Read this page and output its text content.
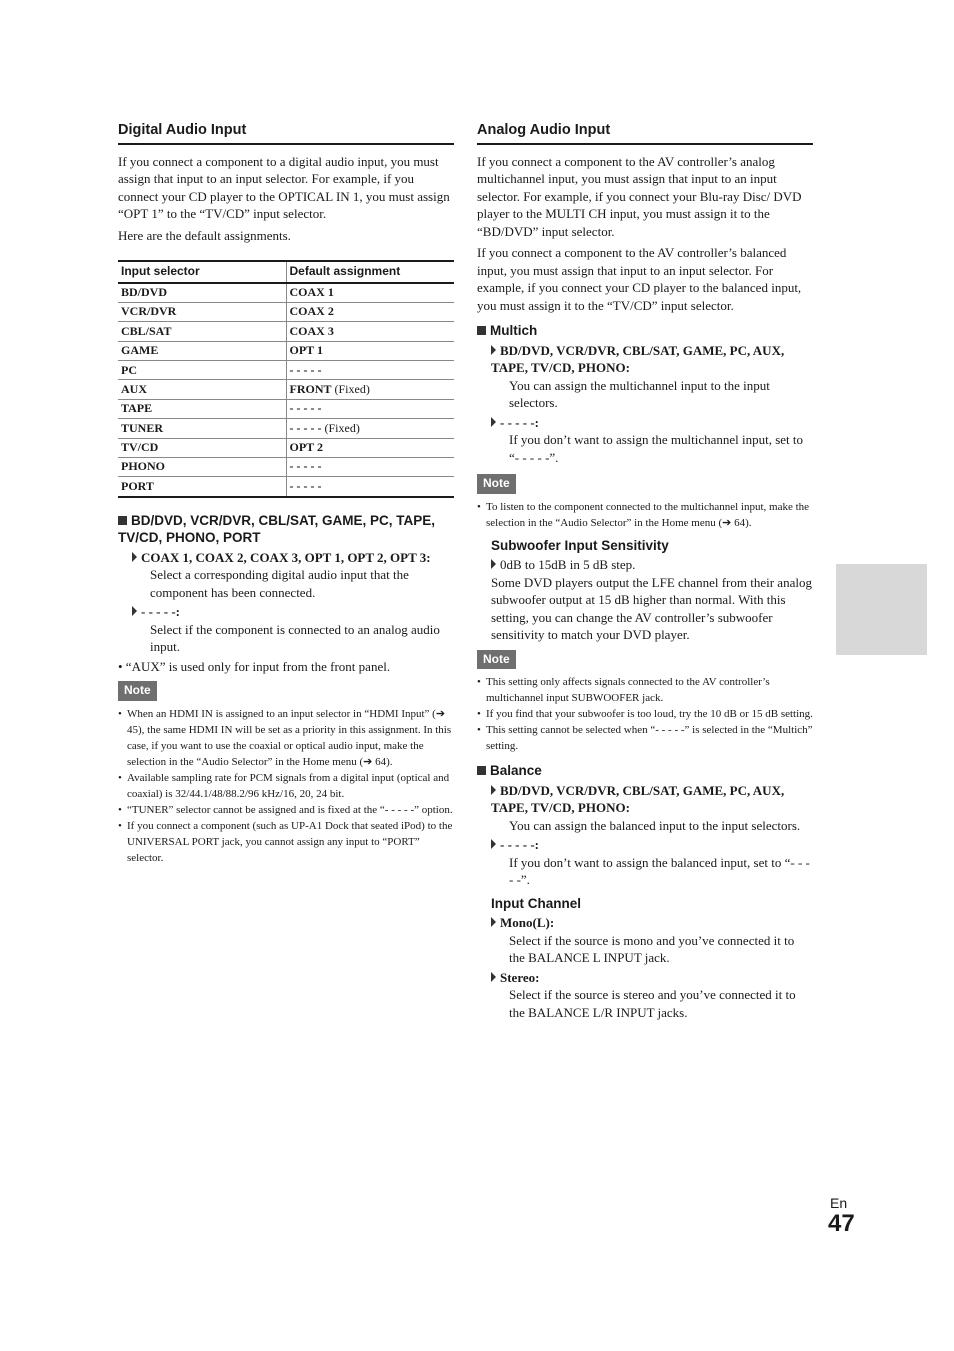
Digital Audio Input

If you connect a component to a digital audio input, you must assign that input to an input selector. For example, if you connect your CD player to the OPTICAL IN 1, you must assign “OPT 1” to the “TV/CD” input selector.

Here are the default assignments.

Input selector	Default assignment
BD/DVD	COAX 1
VCR/DVR	COAX 2
CBL/SAT	COAX 3
GAME	OPT 1
PC	- - - - -
AUX	FRONT (Fixed)
TAPE	- - - - -
TUNER	- - - - - (Fixed)
TV/CD	OPT 2
PHONO	- - - - -
PORT	- - - - -
BD/DVD, VCR/DVR, CBL/SAT, GAME, PC, TAPE, TV/CD, PHONO, PORT
COAX 1, COAX 2, COAX 3, OPT 1, OPT 2, OPT 3:
Select a corresponding digital audio input that the component has been connected.
- - - - -:
Select if the component is connected to an analog audio input.
• “AUX” is used only for input from the front panel.
Note
• When an HDMI IN is assigned to an input selector in “HDMI Input” (➔ 45), the same HDMI IN will be set as a priority in this assignment. In this case, if you want to use the coaxial or optical audio input, make the selection in the “Audio Selector” in the Home menu (➔ 64).
• Available sampling rate for PCM signals from a digital input (optical and coaxial) is 32/44.1/48/88.2/96 kHz/16, 20, 24 bit.
• “TUNER” selector cannot be assigned and is fixed at the “- - - - -” option.
• If you connect a component (such as UP-A1 Dock that seated iPod) to the UNIVERSAL PORT jack, you cannot assign any input to “PORT” selector.
Analog Audio Input

If you connect a component to the AV controller’s analog multichannel input, you must assign that input to an input selector. For example, if you connect your Blu-ray Disc/ DVD player to the MULTI CH input, you must assign it to the “BD/DVD” input selector.

If you connect a component to the AV controller’s balanced input, you must assign that input to an input selector. For example, if you connect your CD player to the balanced input, you must assign it to the “TV/CD” input selector.

Multich
BD/DVD, VCR/DVR, CBL/SAT, GAME, PC, AUX, TAPE, TV/CD, PHONO:
You can assign the multichannel input to the input selectors.
- - - - -:
If you don’t want to assign the multichannel input, set to “- - - - -”.
Note
• To listen to the component connected to the multichannel input, make the selection in the “Audio Selector” in the Home menu (➔ 64).
Subwoofer Input Sensitivity
0dB to 15dB in 5 dB step.
Some DVD players output the LFE channel from their analog subwoofer output at 15 dB higher than normal. With this setting, you can change the AV controller’s subwoofer sensitivity to match your DVD player.
Note
• This setting only affects signals connected to the AV controller’s multichannel input SUBWOOFER jack.
• If you find that your subwoofer is too loud, try the 10 dB or 15 dB setting.
• This setting cannot be selected when “- - - - -” is selected in the “Multich” setting.
Balance
BD/DVD, VCR/DVR, CBL/SAT, GAME, PC, AUX, TAPE, TV/CD, PHONO:
You can assign the balanced input to the input selectors.
- - - - -:
If you don’t want to assign the balanced input, set to “- - - - -”.
Input Channel
Mono(L):
Select if the source is mono and you’ve connected it to the BALANCE L INPUT jack.
Stereo:
Select if the source is stereo and you’ve connected it to the BALANCE L/R INPUT jacks.
En
47
